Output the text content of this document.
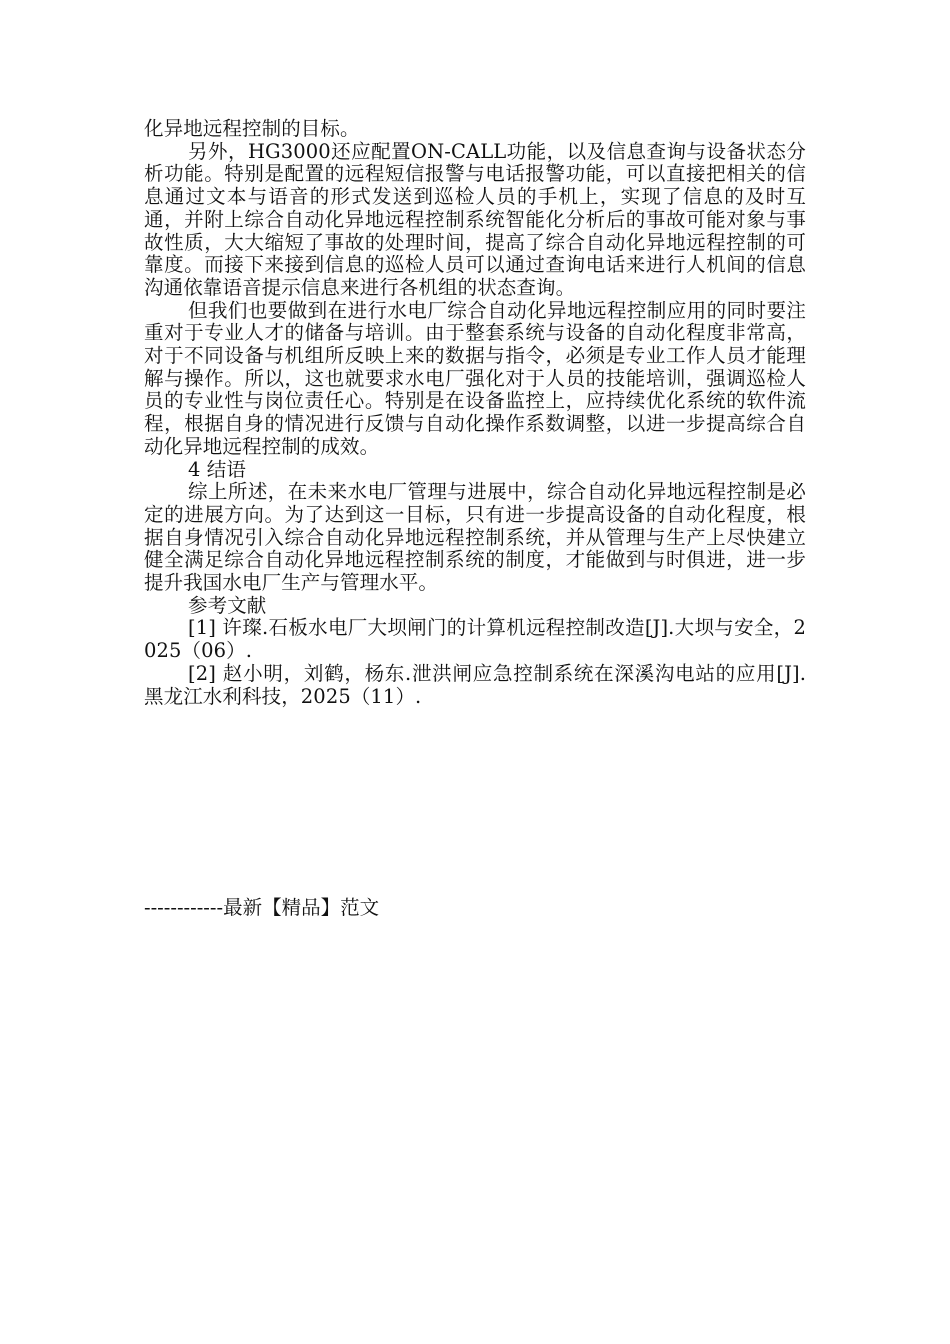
化异地远程控制的目标。

另外，HG3000还应配置ON-CALL功能，以及信息查询与设备状态分析功能。特别是配置的远程短信报警与电话报警功能，可以直接把相关的信息通过文本与语音的形式发送到巡检人员的手机上，实现了信息的及时互通，并附上综合自动化异地远程控制系统智能化分析后的事故可能对象与事故性质，大大缩短了事故的处理时间，提高了综合自动化异地远程控制的可靠度。而接下来接到信息的巡检人员可以通过查询电话来进行人机间的信息沟通依靠语音提示信息来进行各机组的状态查询。

但我们也要做到在进行水电厂综合自动化异地远程控制应用的同时要注重对于专业人才的储备与培训。由于整套系统与设备的自动化程度非常高，对于不同设备与机组所反映上来的数据与指令，必须是专业工作人员才能理解与操作。所以，这也就要求水电厂强化对于人员的技能培训，强调巡检人员的专业性与岗位责任心。特别是在设备监控上，应持续优化系统的软件流程，根据自身的情况进行反馈与自动化操作系数调整，以进一步提高综合自动化异地远程控制的成效。

4 结语

综上所述，在未来水电厂管理与进展中，综合自动化异地远程控制是必定的进展方向。为了达到这一目标，只有进一步提高设备的自动化程度，根据自身情况引入综合自动化异地远程控制系统，并从管理与生产上尽快建立健全满足综合自动化异地远程控制系统的制度，才能做到与时俱进，进一步提升我国水电厂生产与管理水平。

参考文献

[1] 许璨.石板水电厂大坝闸门的计算机远程控制改造[J].大坝与安全，2025（06）.

[2] 赵小明，刘鹤，杨东.泄洪闸应急控制系统在深溪沟电站的应用[J].黑龙江水利科技，2025（11）.

------------最新【精品】范文
